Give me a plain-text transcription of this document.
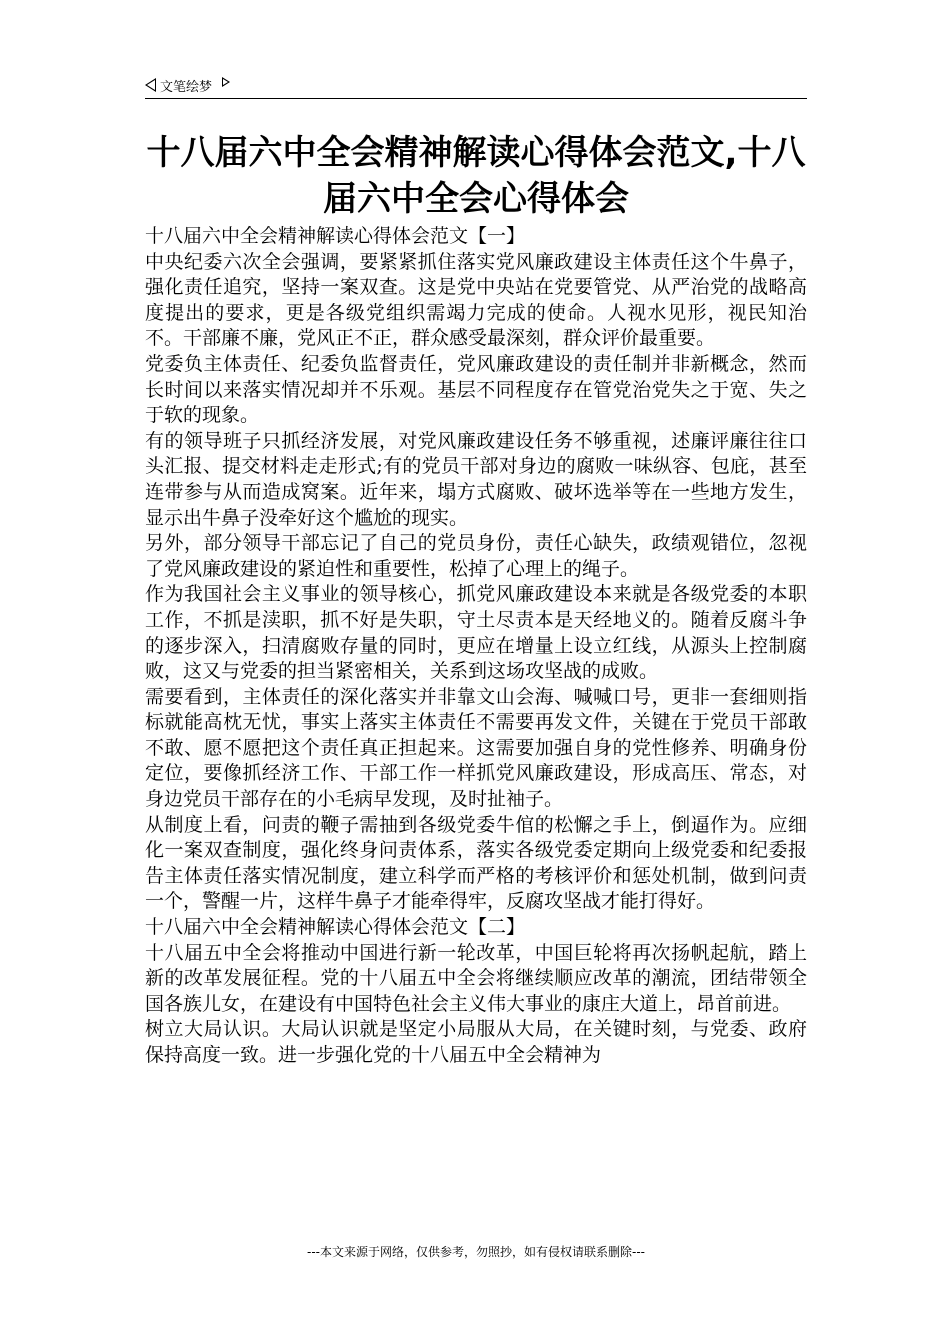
文笔绘梦
十八届六中全会精神解读心得体会范文,十八届六中全会心得体会

十八届六中全会精神解读心得体会范文【一】

中央纪委六次全会强调，要紧紧抓住落实党风廉政建设主体责任这个牛鼻子，强化责任追究，坚持一案双查。这是党中央站在党要管党、从严治党的战略高度提出的要求，更是各级党组织需竭力完成的使命。人视水见形，视民知治不。干部廉不廉，党风正不正，群众感受最深刻，群众评价最重要。

党委负主体责任、纪委负监督责任，党风廉政建设的责任制并非新概念，然而长时间以来落实情况却并不乐观。基层不同程度存在管党治党失之于宽、失之于软的现象。

有的领导班子只抓经济发展，对党风廉政建设任务不够重视，述廉评廉往往口头汇报、提交材料走走形式;有的党员干部对身边的腐败一味纵容、包庇，甚至连带参与从而造成窝案。近年来，塌方式腐败、破坏选举等在一些地方发生，显示出牛鼻子没牵好这个尴尬的现实。

另外，部分领导干部忘记了自己的党员身份，责任心缺失，政绩观错位，忽视了党风廉政建设的紧迫性和重要性，松掉了心理上的绳子。

作为我国社会主义事业的领导核心，抓党风廉政建设本来就是各级党委的本职工作，不抓是渎职，抓不好是失职，守土尽责本是天经地义的。随着反腐斗争的逐步深入，扫清腐败存量的同时，更应在增量上设立红线，从源头上控制腐败，这又与党委的担当紧密相关，关系到这场攻坚战的成败。

需要看到，主体责任的深化落实并非靠文山会海、喊喊口号，更非一套细则指标就能高枕无忧，事实上落实主体责任不需要再发文件，关键在于党员干部敢不敢、愿不愿把这个责任真正担起来。这需要加强自身的党性修养、明确身份定位，要像抓经济工作、干部工作一样抓党风廉政建设，形成高压、常态，对身边党员干部存在的小毛病早发现，及时扯袖子。

从制度上看，问责的鞭子需抽到各级党委牛倌的松懈之手上，倒逼作为。应细化一案双查制度，强化终身问责体系，落实各级党委定期向上级党委和纪委报告主体责任落实情况制度，建立科学而严格的考核评价和惩处机制，做到问责一个，警醒一片，这样牛鼻子才能牵得牢，反腐攻坚战才能打得好。

十八届六中全会精神解读心得体会范文【二】

十八届五中全会将推动中国进行新一轮改革，中国巨轮将再次扬帆起航，踏上新的改革发展征程。党的十八届五中全会将继续顺应改革的潮流，团结带领全国各族儿女，在建设有中国特色社会主义伟大事业的康庄大道上，昂首前进。

树立大局认识。大局认识就是坚定小局服从大局，在关键时刻，与党委、政府保持高度一致。进一步强化党的十八届五中全会精神为

---本文来源于网络，仅供参考，勿照抄，如有侵权请联系删除---
